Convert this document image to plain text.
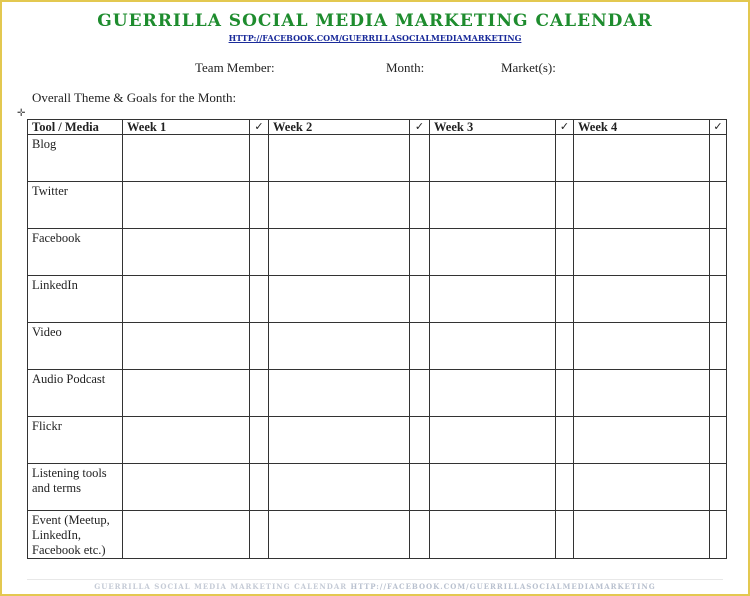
GUERRILLA SOCIAL MEDIA MARKETING CALENDAR
HTTP://FACEBOOK.COM/GUERRILLASOCIALMEDIAMARKETING
Team Member:	Month:	Market(s):
Overall Theme & Goals for the Month:
✛
Tool / Media	Week 1	✓	Week 2	✓	Week 3	✓	Week 4	✓
Blog								
Twitter								
Facebook								
LinkedIn								
Video								
Audio Podcast								
Flickr								
Listening tools and terms								
Event (Meetup, LinkedIn, Facebook etc.)								
GUERRILLA SOCIAL MEDIA MARKETING CALENDAR HTTP://FACEBOOK.COM/GUERRILLASOCIALMEDIAMARKETING
